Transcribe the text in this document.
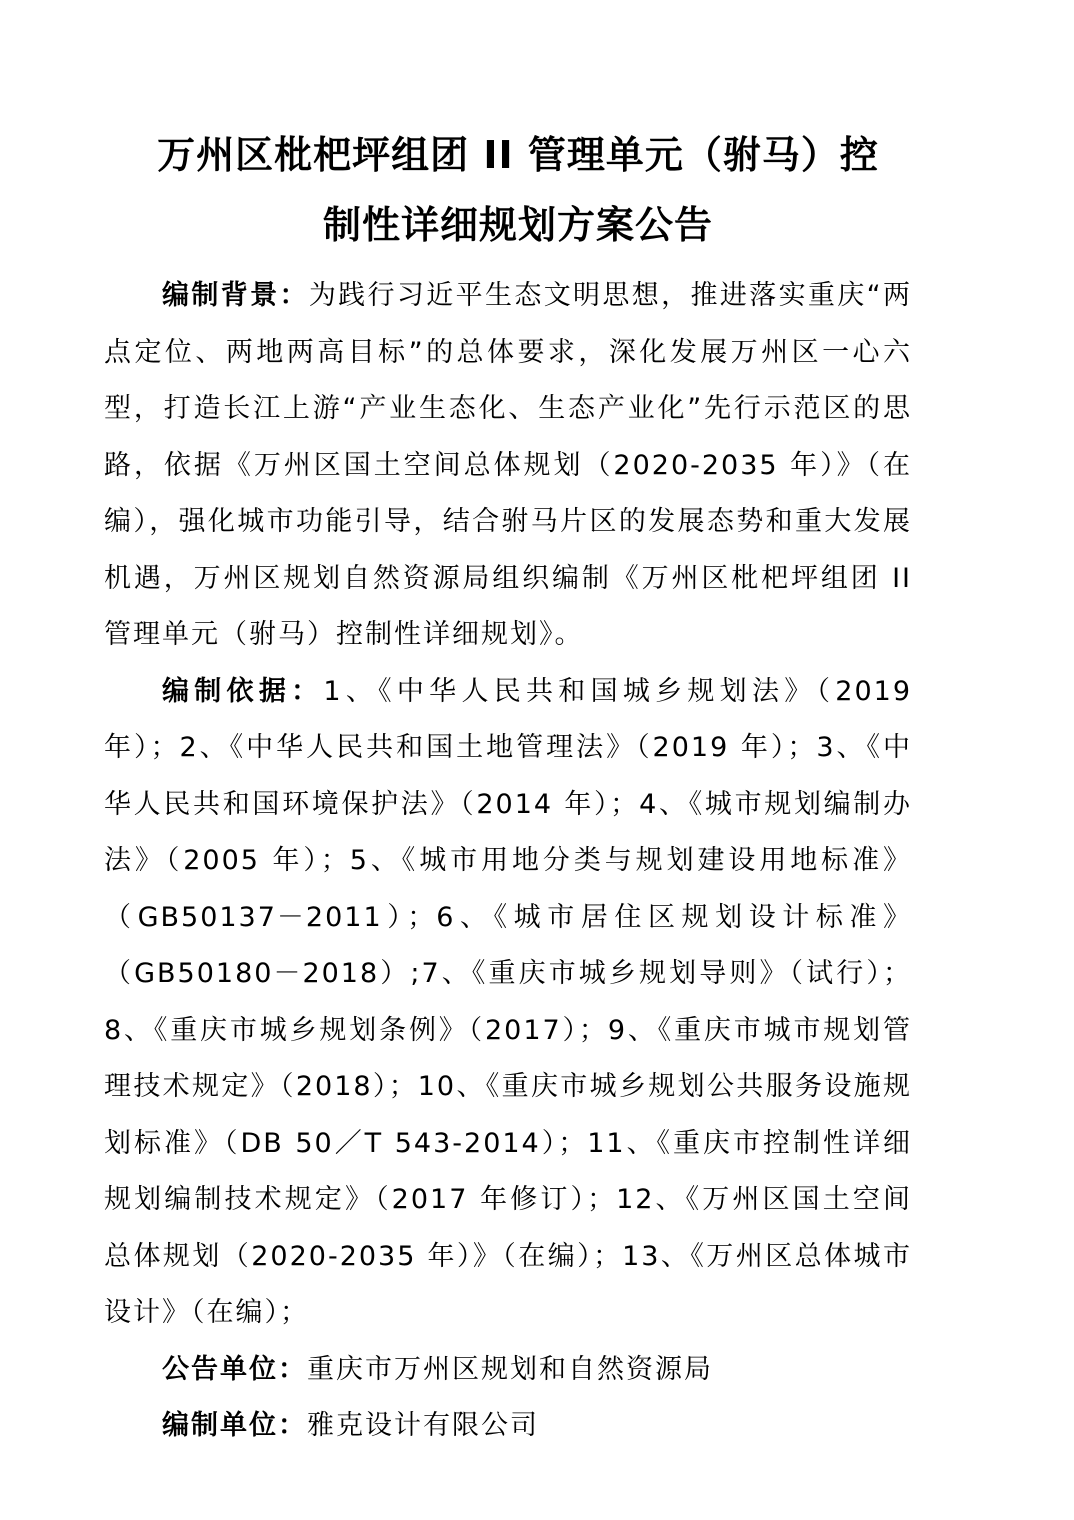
万州区枇杷坪组团 II 管理单元（驸马）控
制性详细规划方案公告

编制背景：为践行习近平生态文明思想，推进落实重庆“两点定位、两地两高目标”的总体要求，深化发展万州区一心六型，打造长江上游“产业生态化、生态产业化”先行示范区的思路，依据《万州区国土空间总体规划（2020-2035 年）》（在编），强化城市功能引导，结合驸马片区的发展态势和重大发展机遇，万州区规划自然资源局组织编制《万州区枇杷坪组团 II 管理单元（驸马）控制性详细规划》。

编制依据：1、《中华人民共和国城乡规划法》（2019 年）；2、《中华人民共和国土地管理法》（2019 年）；3、《中华人民共和国环境保护法》（2014 年）；4、《城市规划编制办法》（2005 年）；5、《城市用地分类与规划建设用地标准》（GB50137－2011）；6、《城市居住区规划设计标准》（GB50180－2018）;7、《重庆市城乡规划导则》（试行）；8、《重庆市城乡规划条例》（2017）；9、《重庆市城市规划管理技术规定》（2018）；10、《重庆市城乡规划公共服务设施规划标准》（DB 50／T 543-2014）；11、《重庆市控制性详细规划编制技术规定》（2017 年修订）；12、《万州区国土空间总体规划（2020-2035 年）》（在编）；13、《万州区总体城市设计》（在编）；

公告单位：重庆市万州区规划和自然资源局

编制单位：雅克设计有限公司
